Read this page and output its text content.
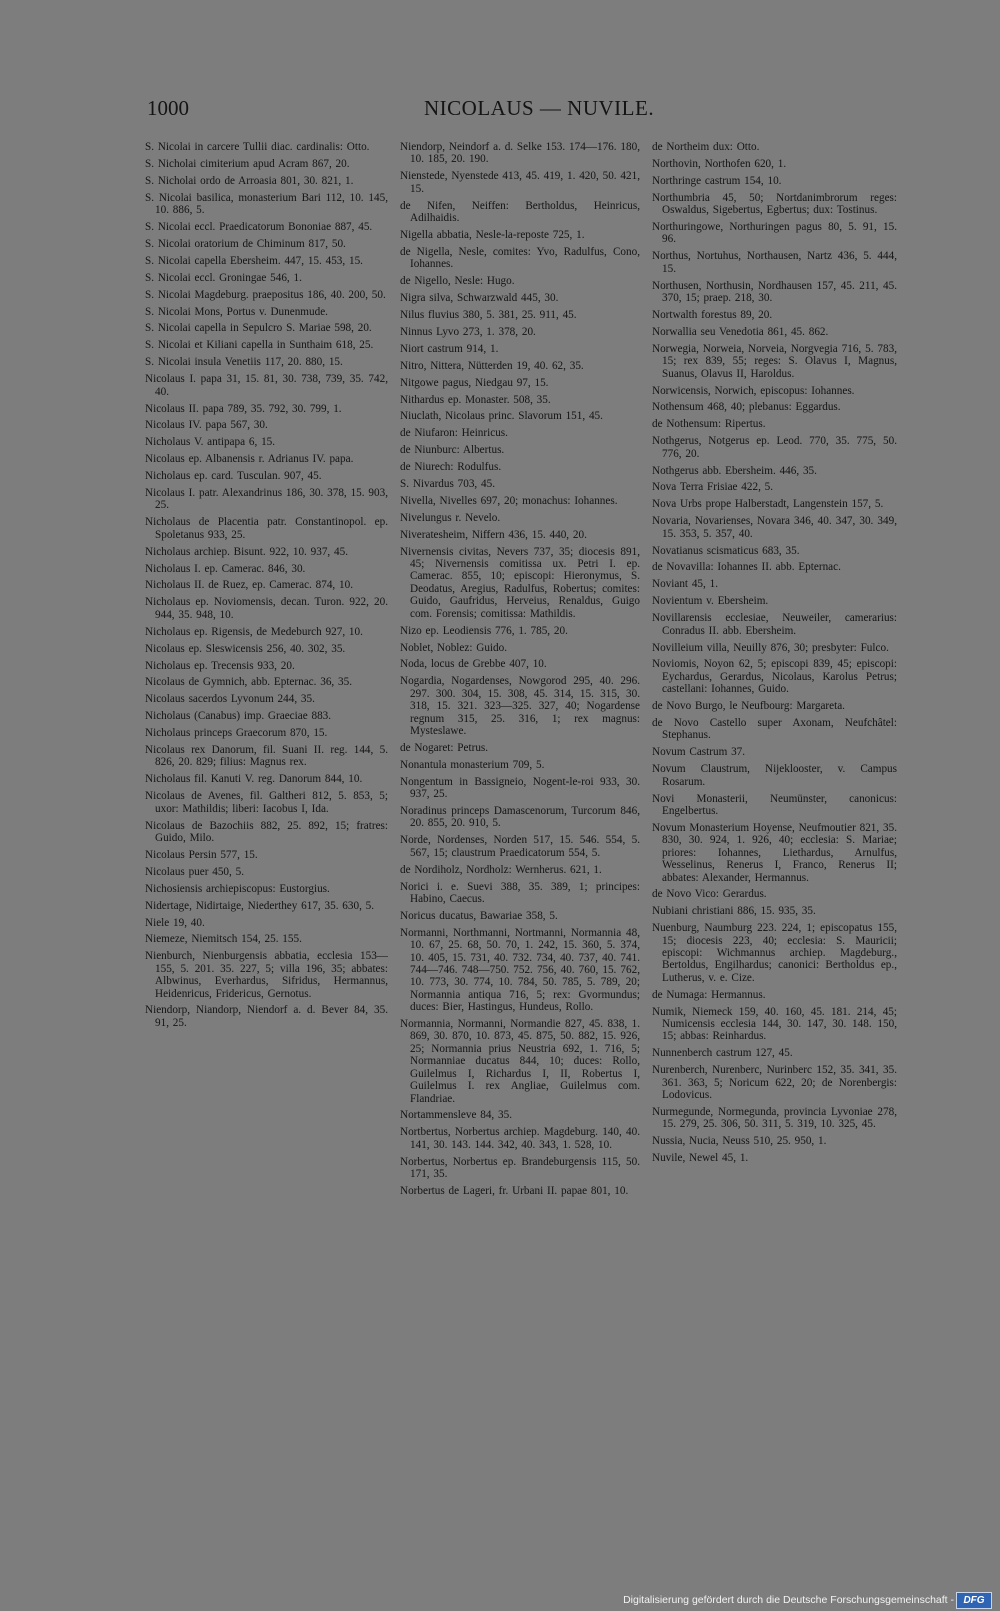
1000	NICOLAUS — NUVILE.

S. Nicolai in carcere Tullii diac. cardinalis: Otto.

S. Nicholai cimiterium apud Acram 867, 20.

S. Nicholai ordo de Arroasia 801, 30. 821, 1.

S. Nicolai basilica, monasterium Bari 112, 10. 145, 10. 886, 5.

S. Nicolai eccl. Praedicatorum Bononiae 887, 45.

S. Nicolai oratorium de Chiminum 817, 50.

S. Nicolai capella Ebersheim. 447, 15. 453, 15.

S. Nicolai eccl. Groningae 546, 1.

S. Nicolai Magdeburg. praepositus 186, 40. 200, 50.

S. Nicolai Mons, Portus v. Dunenmude.

S. Nicolai capella in Sepulcro S. Mariae 598, 20.

S. Nicolai et Kiliani capella in Sunthaim 618, 25.

S. Nicolai insula Venetiis 117, 20. 880, 15.

Nicolaus I. papa 31, 15. 81, 30. 738, 739, 35. 742, 40.

Nicolaus II. papa 789, 35. 792, 30. 799, 1.

Nicolaus IV. papa 567, 30.

Nicholaus V. antipapa 6, 15.

Nicolaus ep. Albanensis r. Adrianus IV. papa.

Nicholaus ep. card. Tusculan. 907, 45.

Nicolaus I. patr. Alexandrinus 186, 30. 378, 15. 903, 25.

Nicholaus de Placentia patr. Constantinopol. ep. Spoletanus 933, 25.

Nicholaus archiep. Bisunt. 922, 10. 937, 45.

Nicholaus I. ep. Camerac. 846, 30.

Nicholaus II. de Ruez, ep. Camerac. 874, 10.

Nicholaus ep. Noviomensis, decan. Turon. 922, 20. 944, 35. 948, 10.

Nicholaus ep. Rigensis, de Medeburch 927, 10.

Nicolaus ep. Sleswicensis 256, 40. 302, 35.

Nicholaus ep. Trecensis 933, 20.

Nicolaus de Gymnich, abb. Epternac. 36, 35.

Nicolaus sacerdos Lyvonum 244, 35.

Nicholaus (Canabus) imp. Graeciae 883.

Nicholaus princeps Graecorum 870, 15.

Nicolaus rex Danorum, fil. Suani II. reg. 144, 5. 826, 20. 829; filius: Magnus rex.

Nicholaus fil. Kanuti V. reg. Danorum 844, 10.

Nicolaus de Avenes, fil. Galtheri 812, 5. 853, 5; uxor: Mathildis; liberi: Iacobus I, Ida.

Nicolaus de Bazochiis 882, 25. 892, 15; fratres: Guido, Milo.

Nicolaus Persin 577, 15.

Nicolaus puer 450, 5.

Nichosiensis archiepiscopus: Eustorgius.

Nidertage, Nidirtaige, Niederthey 617, 35. 630, 5.

Niele 19, 40.

Niemeze, Niemitsch 154, 25. 155.

Nienburch, Nienburgensis abbatia, ecclesia 153—155, 5. 201. 35. 227, 5; villa 196, 35; abbates: Albwinus, Everhardus, Sifridus, Hermannus, Heidenricus, Fridericus, Gernotus.

Niendorp, Niandorp, Niendorf a. d. Bever 84, 35. 91, 25.

Niendorp, Neindorf a. d. Selke 153. 174—176. 180, 10. 185, 20. 190.

Nienstede, Nyenstede 413, 45. 419, 1. 420, 50. 421, 15.

de Nifen, Neiffen: Bertholdus, Heinricus, Adilhaidis.

Nigella abbatia, Nesle-la-reposte 725, 1.

de Nigella, Nesle, comites: Yvo, Radulfus, Cono, Iohannes.

de Nigello, Nesle: Hugo.

Nigra silva, Schwarzwald 445, 30.

Nilus fluvius 380, 5. 381, 25. 911, 45.

Ninnus Lyvo 273, 1. 378, 20.

Niort castrum 914, 1.

Nitro, Nittera, Nütterden 19, 40. 62, 35.

Nitgowe pagus, Niedgau 97, 15.

Nithardus ep. Monaster. 508, 35.

Niuclath, Nicolaus princ. Slavorum 151, 45.

de Niufaron: Heinricus.

de Niunburc: Albertus.

de Niurech: Rodulfus.

S. Nivardus 703, 45.

Nivella, Nivelles 697, 20; monachus: Iohannes.

Nivelungus r. Nevelo.

Niveratesheim, Niffern 436, 15. 440, 20.

Nivernensis civitas, Nevers 737, 35; diocesis 891, 45; Nivernensis comitissa ux. Petri I. ep. Camerac. 855, 10; episcopi: Hieronymus, S. Deodatus, Aregius, Radulfus, Robertus; comites: Guido, Gaufridus, Herveius, Renaldus, Guigo com. Forensis; comitissa: Mathildis.

Nizo ep. Leodiensis 776, 1. 785, 20.

Noblet, Noblez: Guido.

Noda, locus de Grebbe 407, 10.

Nogardia, Nogardenses, Nowgorod 295, 40. 296. 297. 300. 304, 15. 308, 45. 314, 15. 315, 30. 318, 15. 321. 323—325. 327, 40; Nogardense regnum 315, 25. 316, 1; rex magnus: Mysteslawe.

de Nogaret: Petrus.

Nonantula monasterium 709, 5.

Nongentum in Bassigneio, Nogent-le-roi 933, 30. 937, 25.

Noradinus princeps Damascenorum, Turcorum 846, 20. 855, 20. 910, 5.

Norde, Nordenses, Norden 517, 15. 546. 554, 5. 567, 15; claustrum Praedicatorum 554, 5.

de Nordiholz, Nordholz: Wernherus. 621, 1.

Norici i. e. Suevi 388, 35. 389, 1; principes: Habino, Caecus.

Noricus ducatus, Bawariae 358, 5.

Normanni, Northmanni, Nortmanni, Normannia 48, 10. 67, 25. 68, 50. 70, 1. 242, 15. 360, 5. 374, 10. 405, 15. 731, 40. 732. 734, 40. 737, 40. 741. 744—746. 748—750. 752. 756, 40. 760, 15. 762, 10. 773, 30. 774, 10. 784, 50. 785, 5. 789, 20; Normannia antiqua 716, 5; rex: Gvormundus; duces: Bier, Hastingus, Hundeus, Rollo.

Normannia, Normanni, Normandie 827, 45. 838, 1. 869, 30. 870, 10. 873, 45. 875, 50. 882, 15. 926, 25; Normannia prius Neustria 692, 1. 716, 5; Normanniae ducatus 844, 10; duces: Rollo, Guilelmus I, Richardus I, II, Robertus I, Guilelmus I. rex Angliae, Guilelmus com. Flandriae.

Nortammensleve 84, 35.

Nortbertus, Norbertus archiep. Magdeburg. 140, 40. 141, 30. 143. 144. 342, 40. 343, 1. 528, 10.

Norbertus, Norbertus ep. Brandeburgensis 115, 50. 171, 35.

Norbertus de Lageri, fr. Urbani II. papae 801, 10.

de Northeim dux: Otto.

Northovin, Northofen 620, 1.

Northringe castrum 154, 10.

Northumbria 45, 50; Nortdanimbrorum reges: Oswaldus, Sigebertus, Egbertus; dux: Tostinus.

Northuringowe, Northuringen pagus 80, 5. 91, 15. 96.

Northus, Nortuhus, Northausen, Nartz 436, 5. 444, 15.

Northusen, Northusin, Nordhausen 157, 45. 211, 45. 370, 15; praep. 218, 30.

Nortwalth forestus 89, 20.

Norwallia seu Venedotia 861, 45. 862.

Norwegia, Norweia, Norveia, Norgvegia 716, 5. 783, 15; rex 839, 55; reges: S. Olavus I, Magnus, Suanus, Olavus II, Haroldus.

Norwicensis, Norwich, episcopus: Iohannes.

Nothensum 468, 40; plebanus: Eggardus.

de Nothensum: Ripertus.

Nothgerus, Notgerus ep. Leod. 770, 35. 775, 50. 776, 20.

Nothgerus abb. Ebersheim. 446, 35.

Nova Terra Frisiae 422, 5.

Nova Urbs prope Halberstadt, Langenstein 157, 5.

Novaria, Novarienses, Novara 346, 40. 347, 30. 349, 15. 353, 5. 357, 40.

Novatianus scismaticus 683, 35.

de Novavilla: Iohannes II. abb. Epternac.

Noviant 45, 1.

Novientum v. Ebersheim.

Novillarensis ecclesiae, Neuweiler, camerarius: Conradus II. abb. Ebersheim.

Novilleium villa, Neuilly 876, 30; presbyter: Fulco.

Noviomis, Noyon 62, 5; episcopi 839, 45; episcopi: Eychardus, Gerardus, Nicolaus, Karolus Petrus; castellani: Iohannes, Guido.

de Novo Burgo, le Neufbourg: Margareta.

de Novo Castello super Axonam, Neufchâtel: Stephanus.

Novum Castrum 37.

Novum Claustrum, Nijeklooster, v. Campus Rosarum.

Novi Monasterii, Neumünster, canonicus: Engelbertus.

Novum Monasterium Hoyense, Neufmoutier 821, 35. 830, 30. 924, 1. 926, 40; ecclesia: S. Mariae; priores: Iohannes, Liethardus, Arnulfus, Wesselinus, Renerus I, Franco, Renerus II; abbates: Alexander, Hermannus.

de Novo Vico: Gerardus.

Nubiani christiani 886, 15. 935, 35.

Nuenburg, Naumburg 223. 224, 1; episcopatus 155, 15; diocesis 223, 40; ecclesia: S. Mauricii; episcopi: Wichmannus archiep. Magdeburg., Bertoldus, Engilhardus; canonici: Bertholdus ep., Lutherus, v. e. Cize.

de Numaga: Hermannus.

Numik, Niemeck 159, 40. 160, 45. 181. 214, 45; Numicensis ecclesia 144, 30. 147, 30. 148. 150, 15; abbas: Reinhardus.

Nunnenberch castrum 127, 45.

Nurenberch, Nurenberc, Nurinberc 152, 35. 341, 35. 361. 363, 5; Noricum 622, 20; de Norenbergis: Lodovicus.

Nurmegunde, Normegunda, provincia Lyvoniae 278, 15. 279, 25. 306, 50. 311, 5. 319, 10. 325, 45.

Nussia, Nucia, Neuss 510, 25. 950, 1.

Nuvile, Newel 45, 1.

Digitalisierung gefördert durch die Deutsche Forschungsgemeinschaft - DFG
